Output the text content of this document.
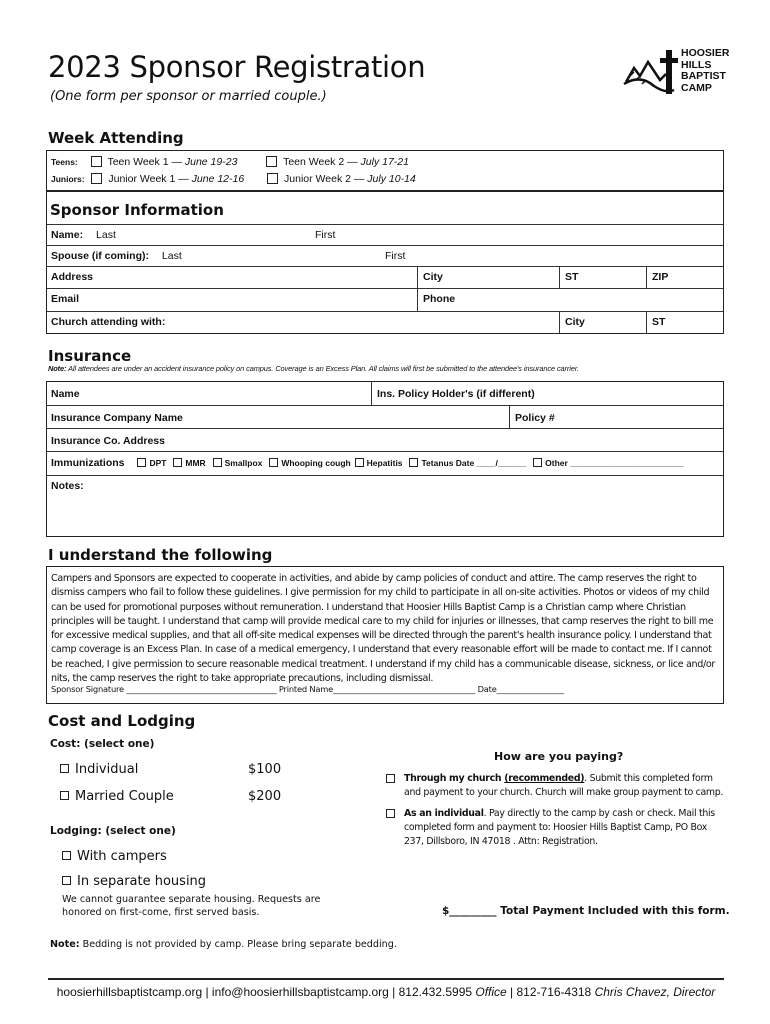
2023 Sponsor Registration
(One form per sponsor or married couple.)
HOOSIER
HILLS
BAPTIST
CAMP
Week Attending
Teens:	Teen Week 1 — June 19-23	Teen Week 2 — July 17-21
Juniors: Junior Week 1 — June 12-16	Junior Week 2 — July 10-14
Sponsor Information
Name: Last	First
Spouse (if coming): Last	First
Address	City	ST	ZIP
Email	Phone
Church attending with:	City	ST
Insurance
Note: All attendees are under an accident insurance policy on campus. Coverage is an Excess Plan. All claims will first be submitted to the attendee's insurance carrier.
Name	Ins. Policy Holder's (if different)
Insurance Company Name	Policy #
Insurance Co. Address
Immunizations	DPT MMR Smallpox Whooping cough Hepatitis Tetanus Date ____/______ Other ________________________
Notes:
I understand the following
Campers and Sponsors are expected to cooperate in activities, and abide by camp policies of conduct and attire. The camp reserves the right to dismiss campers who fail to follow these guidelines. I give permission for my child to participate in all on-site activities. Photos or videos of my child can be used for promotional purposes without remuneration. I understand that Hoosier Hills Baptist Camp is a Christian camp where Christian principles will be taught. I understand that camp will provide medical care to my child for injuries or illnesses, that camp reserves the right to bill me for excessive medical supplies, and that all off-site medical expenses will be directed through the parent's health insurance policy. I understand that camp coverage is an Excess Plan. In case of a medical emergency, I understand that every reasonable effort will be made to contact me. If I cannot be reached, I give permission to secure reasonable medical treatment. I understand if my child has a communicable disease, sickness, or lice and/or nits, the camp reserves the right to take appropriate precautions, including dismissal.
Sponsor Signature ______________________________________ Printed Name____________________________________ Date_________________
Cost and Lodging
Cost: (select one)
Individual	$100
Married Couple	$200
Lodging: (select one)
With campers
In separate housing
We cannot guarantee separate housing. Requests are
honored on first-come, first served basis.
Note: Bedding is not provided by camp. Please bring separate bedding.
How are you paying?
Through my church (recommended). Submit this completed form and payment to your church. Church will make group payment to camp.
As an individual. Pay directly to the camp by cash or check. Mail this completed form and payment to: Hoosier Hills Baptist Camp, PO Box 237, Dillsboro, IN 47018 . Attn: Registration.
$_________ Total Payment Included with this form.
hoosierhillsbaptistcamp.org | info@hoosierhillsbaptistcamp.org | 812.432.5995 Office | 812-716-4318 Chris Chavez, Director
